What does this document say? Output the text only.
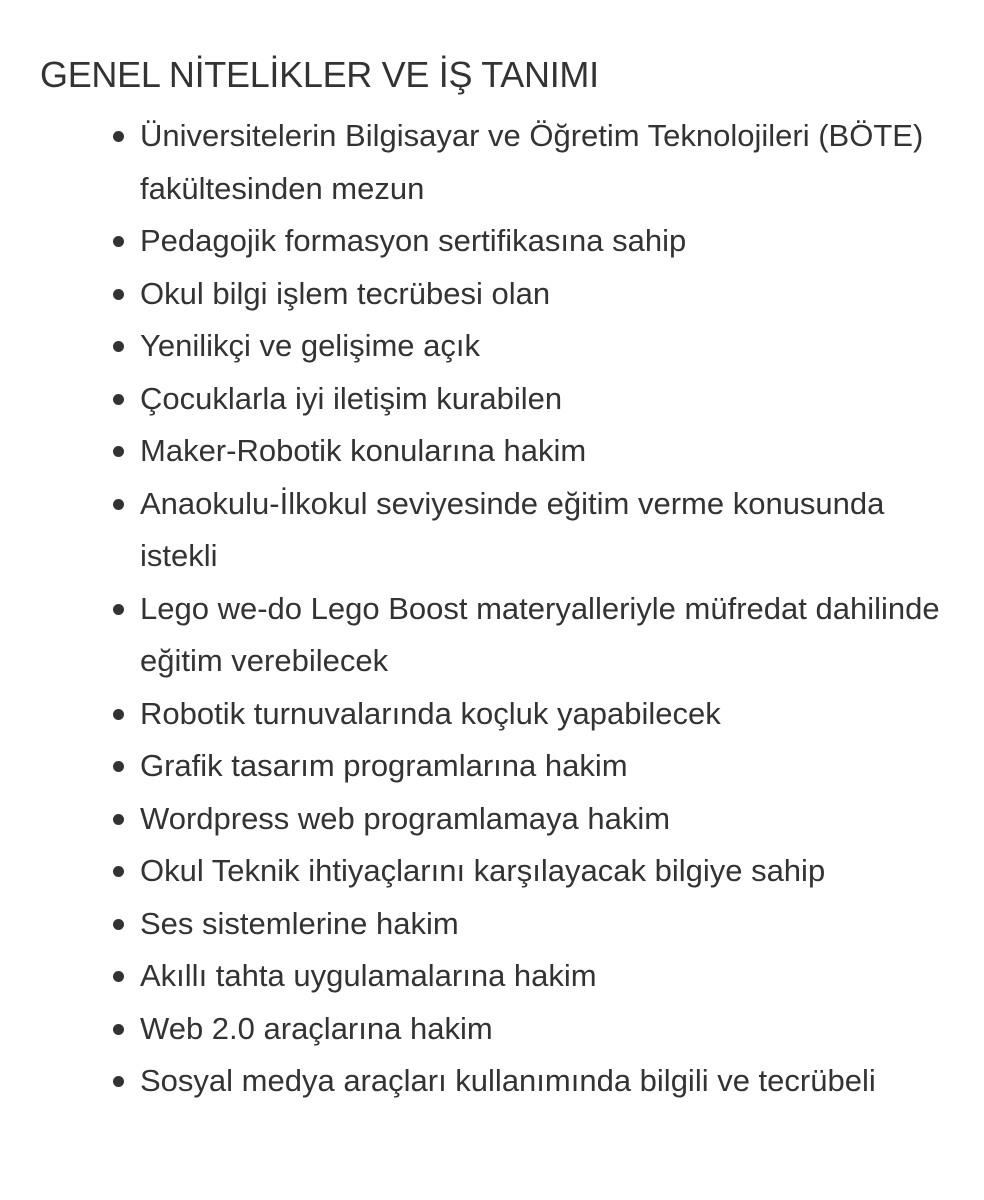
GENEL NİTELİKLER VE İŞ TANIMI
Üniversitelerin Bilgisayar ve Öğretim Teknolojileri (BÖTE) fakültesinden mezun
Pedagojik formasyon sertifikasına sahip
Okul bilgi işlem tecrübesi olan
Yenilikçi ve gelişime açık
Çocuklarla iyi iletişim kurabilen
Maker-Robotik konularına hakim
Anaokulu-İlkokul seviyesinde eğitim verme konusunda istekli
Lego we-do Lego Boost materyalleriyle müfredat dahilinde eğitim verebilecek
Robotik turnuvalarında koçluk yapabilecek
Grafik tasarım programlarına hakim
Wordpress web programlamaya hakim
Okul Teknik ihtiyaçlarını karşılayacak bilgiye sahip
Ses sistemlerine hakim
Akıllı tahta uygulamalarına hakim
Web 2.0 araçlarına hakim
Sosyal medya araçları kullanımında bilgili ve tecrübeli
